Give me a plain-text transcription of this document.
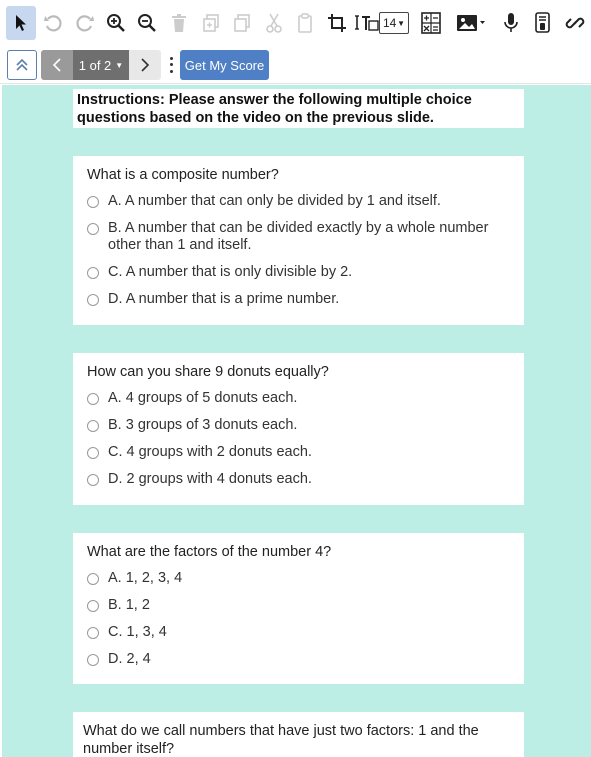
14 ▼
1 of 2 ▼	Get My Score
Instructions: Please answer the following multiple choice questions based on the video on the previous slide.
What is a composite number?
A. A number that can only be divided by 1 and itself.
B. A number that can be divided exactly by a whole number other than 1 and itself.
C. A number that is only divisible by 2.
D. A number that is a prime number.
How can you share 9 donuts equally?
A. 4 groups of 5 donuts each.
B. 3 groups of 3 donuts each.
C. 4 groups with 2 donuts each.
D. 2 groups with 4 donuts each.
What are the factors of the number 4?
A. 1, 2, 3, 4
B. 1, 2
C. 1, 3, 4
D. 2, 4
What do we call numbers that have just two factors: 1 and the number itself?
